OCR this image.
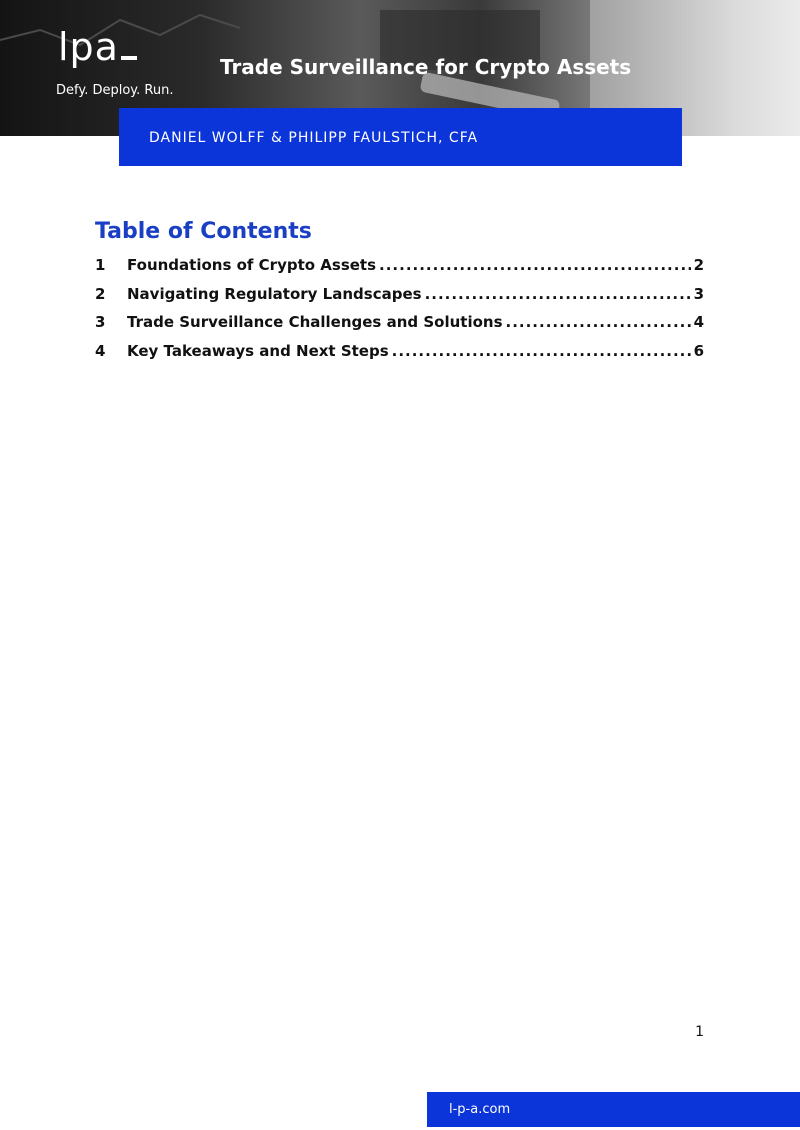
lpa
Defy. Deploy. Run.
Trade Surveillance for Crypto Assets
DANIEL WOLFF & PHILIPP FAULSTICH, CFA
Table of Contents
1	Foundations of Crypto Assets .....	2
2	Navigating Regulatory Landscapes .....	3
3	Trade Surveillance Challenges and Solutions .....	4
4	Key Takeaways and Next Steps .....	6
1
l-p-a.com
